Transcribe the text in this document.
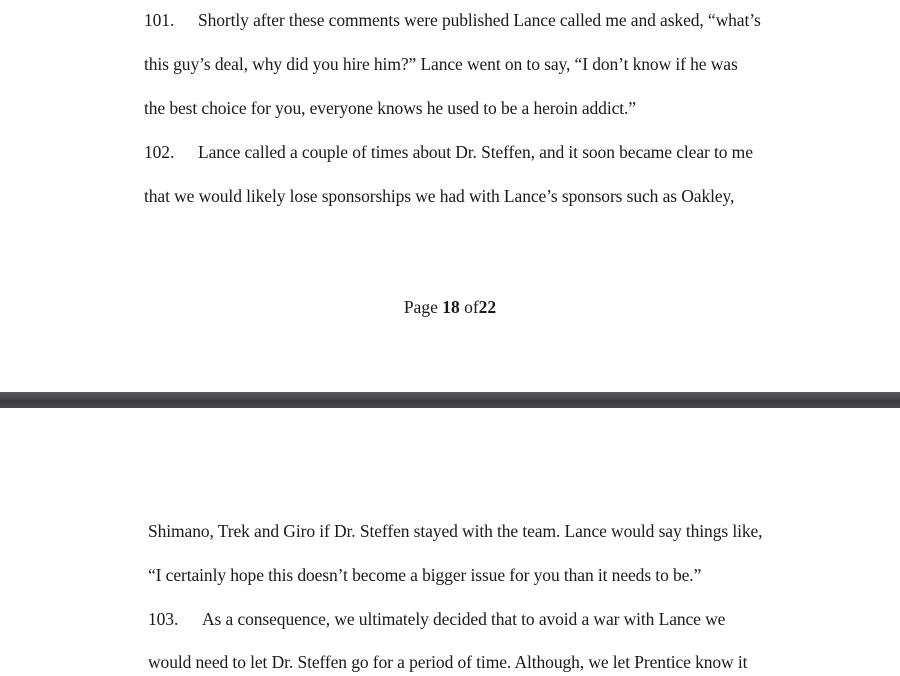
101. Shortly after these comments were published Lance called me and asked, “what’s
this guy’s deal, why did you hire him?” Lance went on to say, “I don’t know if he was
the best choice for you, everyone knows he used to be a heroin addict.”
102. Lance called a couple of times about Dr. Steffen, and it soon became clear to me
that we would likely lose sponsorships we had with Lance’s sponsors such as Oakley,
Page 18 of22
Shimano, Trek and Giro if Dr. Steffen stayed with the team. Lance would say things like,
“I certainly hope this doesn’t become a bigger issue for you than it needs to be.”
103. As a consequence, we ultimately decided that to avoid a war with Lance we
would need to let Dr. Steffen go for a period of time. Although, we let Prentice know it
